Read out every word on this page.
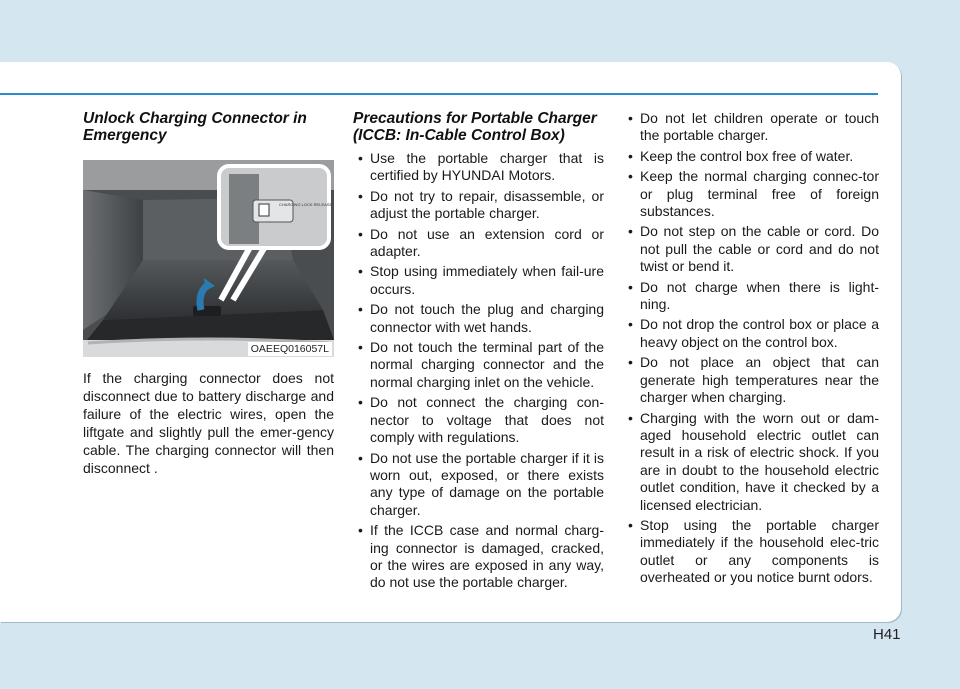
Unlock Charging Connector in Emergency
CHARGING LOCK RELEASE
OAEEQ016057L

If the charging connector does not disconnect due to battery discharge and failure of the electric wires, open the liftgate and slightly pull the emer-gency cable. The charging connector will then disconnect .

Precautions for Portable Charger (ICCB: In-Cable Control Box)
• Use the portable charger that is certified by HYUNDAI Motors.
• Do not try to repair, disassemble, or adjust the portable charger.
• Do not use an extension cord or adapter.
• Stop using immediately when fail-ure occurs.
• Do not touch the plug and charging connector with wet hands.
• Do not touch the terminal part of the normal charging connector and the normal charging inlet on the vehicle.
• Do not connect the charging con-nector to voltage that does not comply with regulations.
• Do not use the portable charger if it is worn out, exposed, or there exists any type of damage on the portable charger.
• If the ICCB case and normal charg-ing connector is damaged, cracked, or the wires are exposed in any way, do not use the portable charger.
• Do not let children operate or touch the portable charger.
• Keep the control box free of water.
• Keep the normal charging connec-tor or plug terminal free of foreign substances.
• Do not step on the cable or cord. Do not pull the cable or cord and do not twist or bend it.
• Do not charge when there is light-ning.
• Do not drop the control box or place a heavy object on the control box.
• Do not place an object that can generate high temperatures near the charger when charging.
• Charging with the worn out or dam-aged household electric outlet can result in a risk of electric shock. If you are in doubt to the household electric outlet condition, have it checked by a licensed electrician.
• Stop using the portable charger immediately if the household elec-tric outlet or any components is overheated or you notice burnt odors.
H41
